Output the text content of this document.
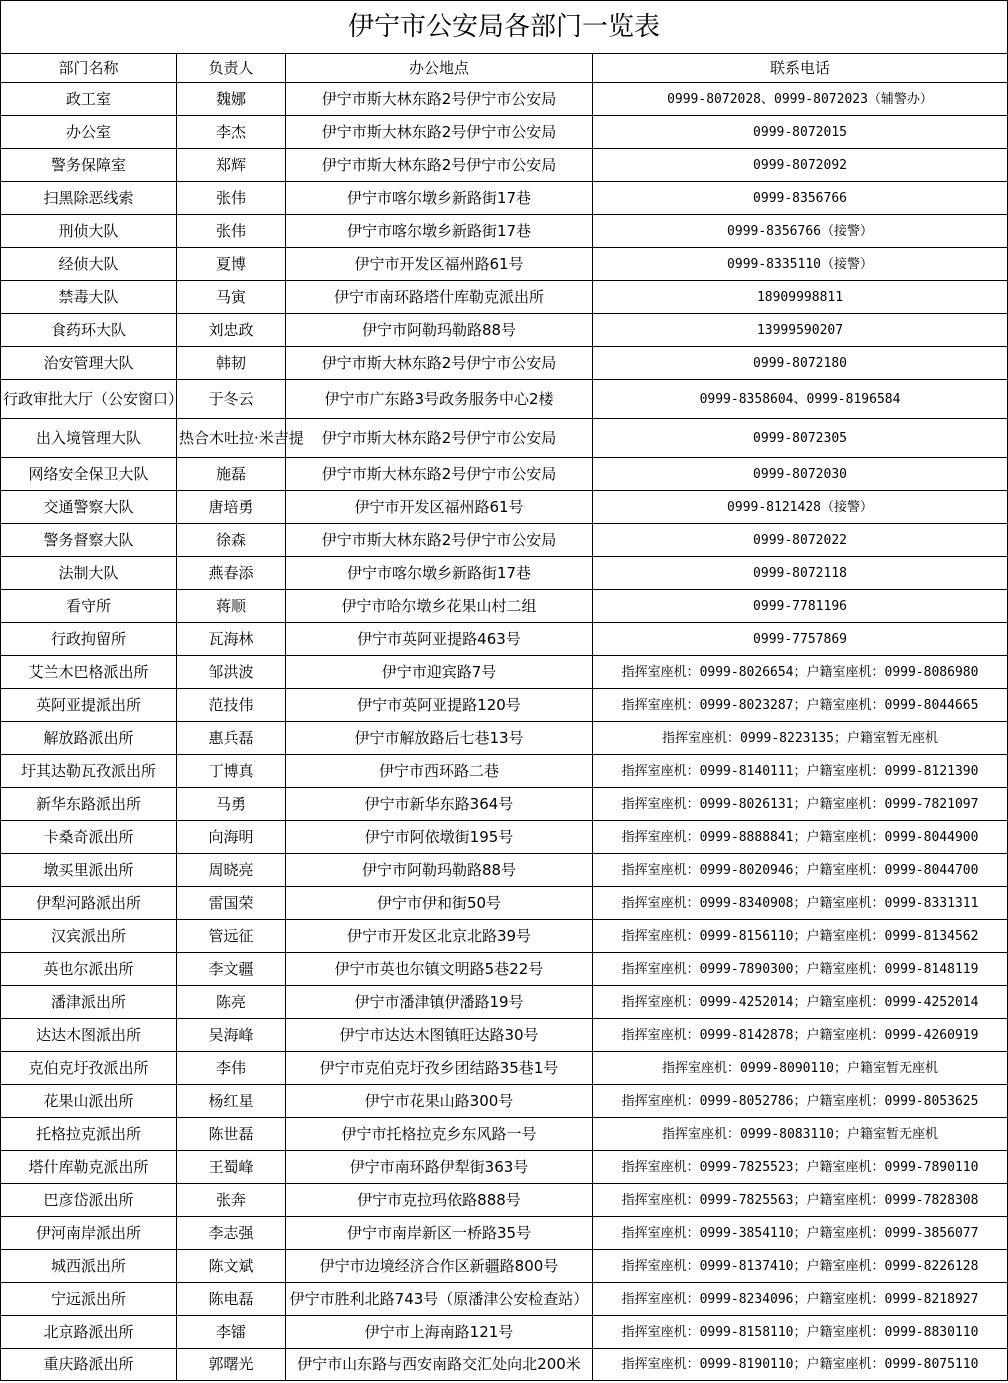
伊宁市公安局各部门一览表			
部门名称	负责人	办公地点	联系电话
政工室	魏娜	伊宁市斯大林东路2号伊宁市公安局	0999-8072028、0999-8072023（辅警办）
办公室	李杰	伊宁市斯大林东路2号伊宁市公安局	0999-8072015
警务保障室	郑辉	伊宁市斯大林东路2号伊宁市公安局	0999-8072092
扫黑除恶线索	张伟	伊宁市喀尔墩乡新路街17巷	0999-8356766
刑侦大队	张伟	伊宁市喀尔墩乡新路街17巷	0999-8356766（接警）
经侦大队	夏博	伊宁市开发区福州路61号	0999-8335110（接警）
禁毒大队	马寅	伊宁市南环路塔什库勒克派出所	18909998811
食药环大队	刘忠政	伊宁市阿勒玛勒路88号	13999590207
治安管理大队	韩韧	伊宁市斯大林东路2号伊宁市公安局	0999-8072180
行政审批大厅（公安窗口）	于冬云	伊宁市广东路3号政务服务中心2楼	0999-8358604、0999-8196584
出入境管理大队	热合木吐拉·米吉提	伊宁市斯大林东路2号伊宁市公安局	0999-8072305
网络安全保卫大队	施磊	伊宁市斯大林东路2号伊宁市公安局	0999-8072030
交通警察大队	唐培勇	伊宁市开发区福州路61号	0999-8121428（接警）
警务督察大队	徐森	伊宁市斯大林东路2号伊宁市公安局	0999-8072022
法制大队	燕春添	伊宁市喀尔墩乡新路街17巷	0999-8072118
看守所	蒋顺	伊宁市哈尔墩乡花果山村二组	0999-7781196
行政拘留所	瓦海林	伊宁市英阿亚提路463号	0999-7757869
艾兰木巴格派出所	邹洪波	伊宁市迎宾路7号	指挥室座机：0999-8026654；户籍室座机：0999-8086980
英阿亚提派出所	范技伟	伊宁市英阿亚提路120号	指挥室座机：0999-8023287；户籍室座机：0999-8044665
解放路派出所	惠兵磊	伊宁市解放路后七巷13号	指挥室座机：0999-8223135；户籍室暂无座机
圩其达勒瓦孜派出所	丁博真	伊宁市西环路二巷	指挥室座机：0999-8140111；户籍室座机：0999-8121390
新华东路派出所	马勇	伊宁市新华东路364号	指挥室座机：0999-8026131；户籍室座机：0999-7821097
卡桑奇派出所	向海明	伊宁市阿依墩街195号	指挥室座机：0999-8888841；户籍室座机：0999-8044900
墩买里派出所	周晓亮	伊宁市阿勒玛勒路88号	指挥室座机：0999-8020946；户籍室座机：0999-8044700
伊犁河路派出所	雷国荣	伊宁市伊和街50号	指挥室座机：0999-8340908；户籍室座机：0999-8331311
汉宾派出所	管远征	伊宁市开发区北京北路39号	指挥室座机：0999-8156110；户籍室座机：0999-8134562
英也尔派出所	李文疆	伊宁市英也尔镇文明路5巷22号	指挥室座机：0999-7890300；户籍室座机：0999-8148119
潘津派出所	陈亮	伊宁市潘津镇伊潘路19号	指挥室座机：0999-4252014；户籍室座机：0999-4252014
达达木图派出所	吴海峰	伊宁市达达木图镇旺达路30号	指挥室座机：0999-8142878；户籍室座机：0999-4260919
克伯克圩孜派出所	李伟	伊宁市克伯克圩孜乡团结路35巷1号	指挥室座机：0999-8090110；户籍室暂无座机
花果山派出所	杨红星	伊宁市花果山路300号	指挥室座机：0999-8052786；户籍室座机：0999-8053625
托格拉克派出所	陈世磊	伊宁市托格拉克乡东风路一号	指挥室座机：0999-8083110；户籍室暂无座机
塔什库勒克派出所	王蜀峰	伊宁市南环路伊犁街363号	指挥室座机：0999-7825523；户籍室座机：0999-7890110
巴彦岱派出所	张奔	伊宁市克拉玛依路888号	指挥室座机：0999-7825563；户籍室座机：0999-7828308
伊河南岸派出所	李志强	伊宁市南岸新区一桥路35号	指挥室座机：0999-3854110；户籍室座机：0999-3856077
城西派出所	陈文斌	伊宁市边境经济合作区新疆路800号	指挥室座机：0999-8137410；户籍室座机：0999-8226128
宁远派出所	陈电磊	伊宁市胜利北路743号（原潘津公安检查站）	指挥室座机：0999-8234096；户籍室座机：0999-8218927
北京路派出所	李镭	伊宁市上海南路121号	指挥室座机：0999-8158110；户籍室座机：0999-8830110
重庆路派出所	郭曙光	伊宁市山东路与西安南路交汇处向北200米	指挥室座机：0999-8190110；户籍室座机：0999-8075110
